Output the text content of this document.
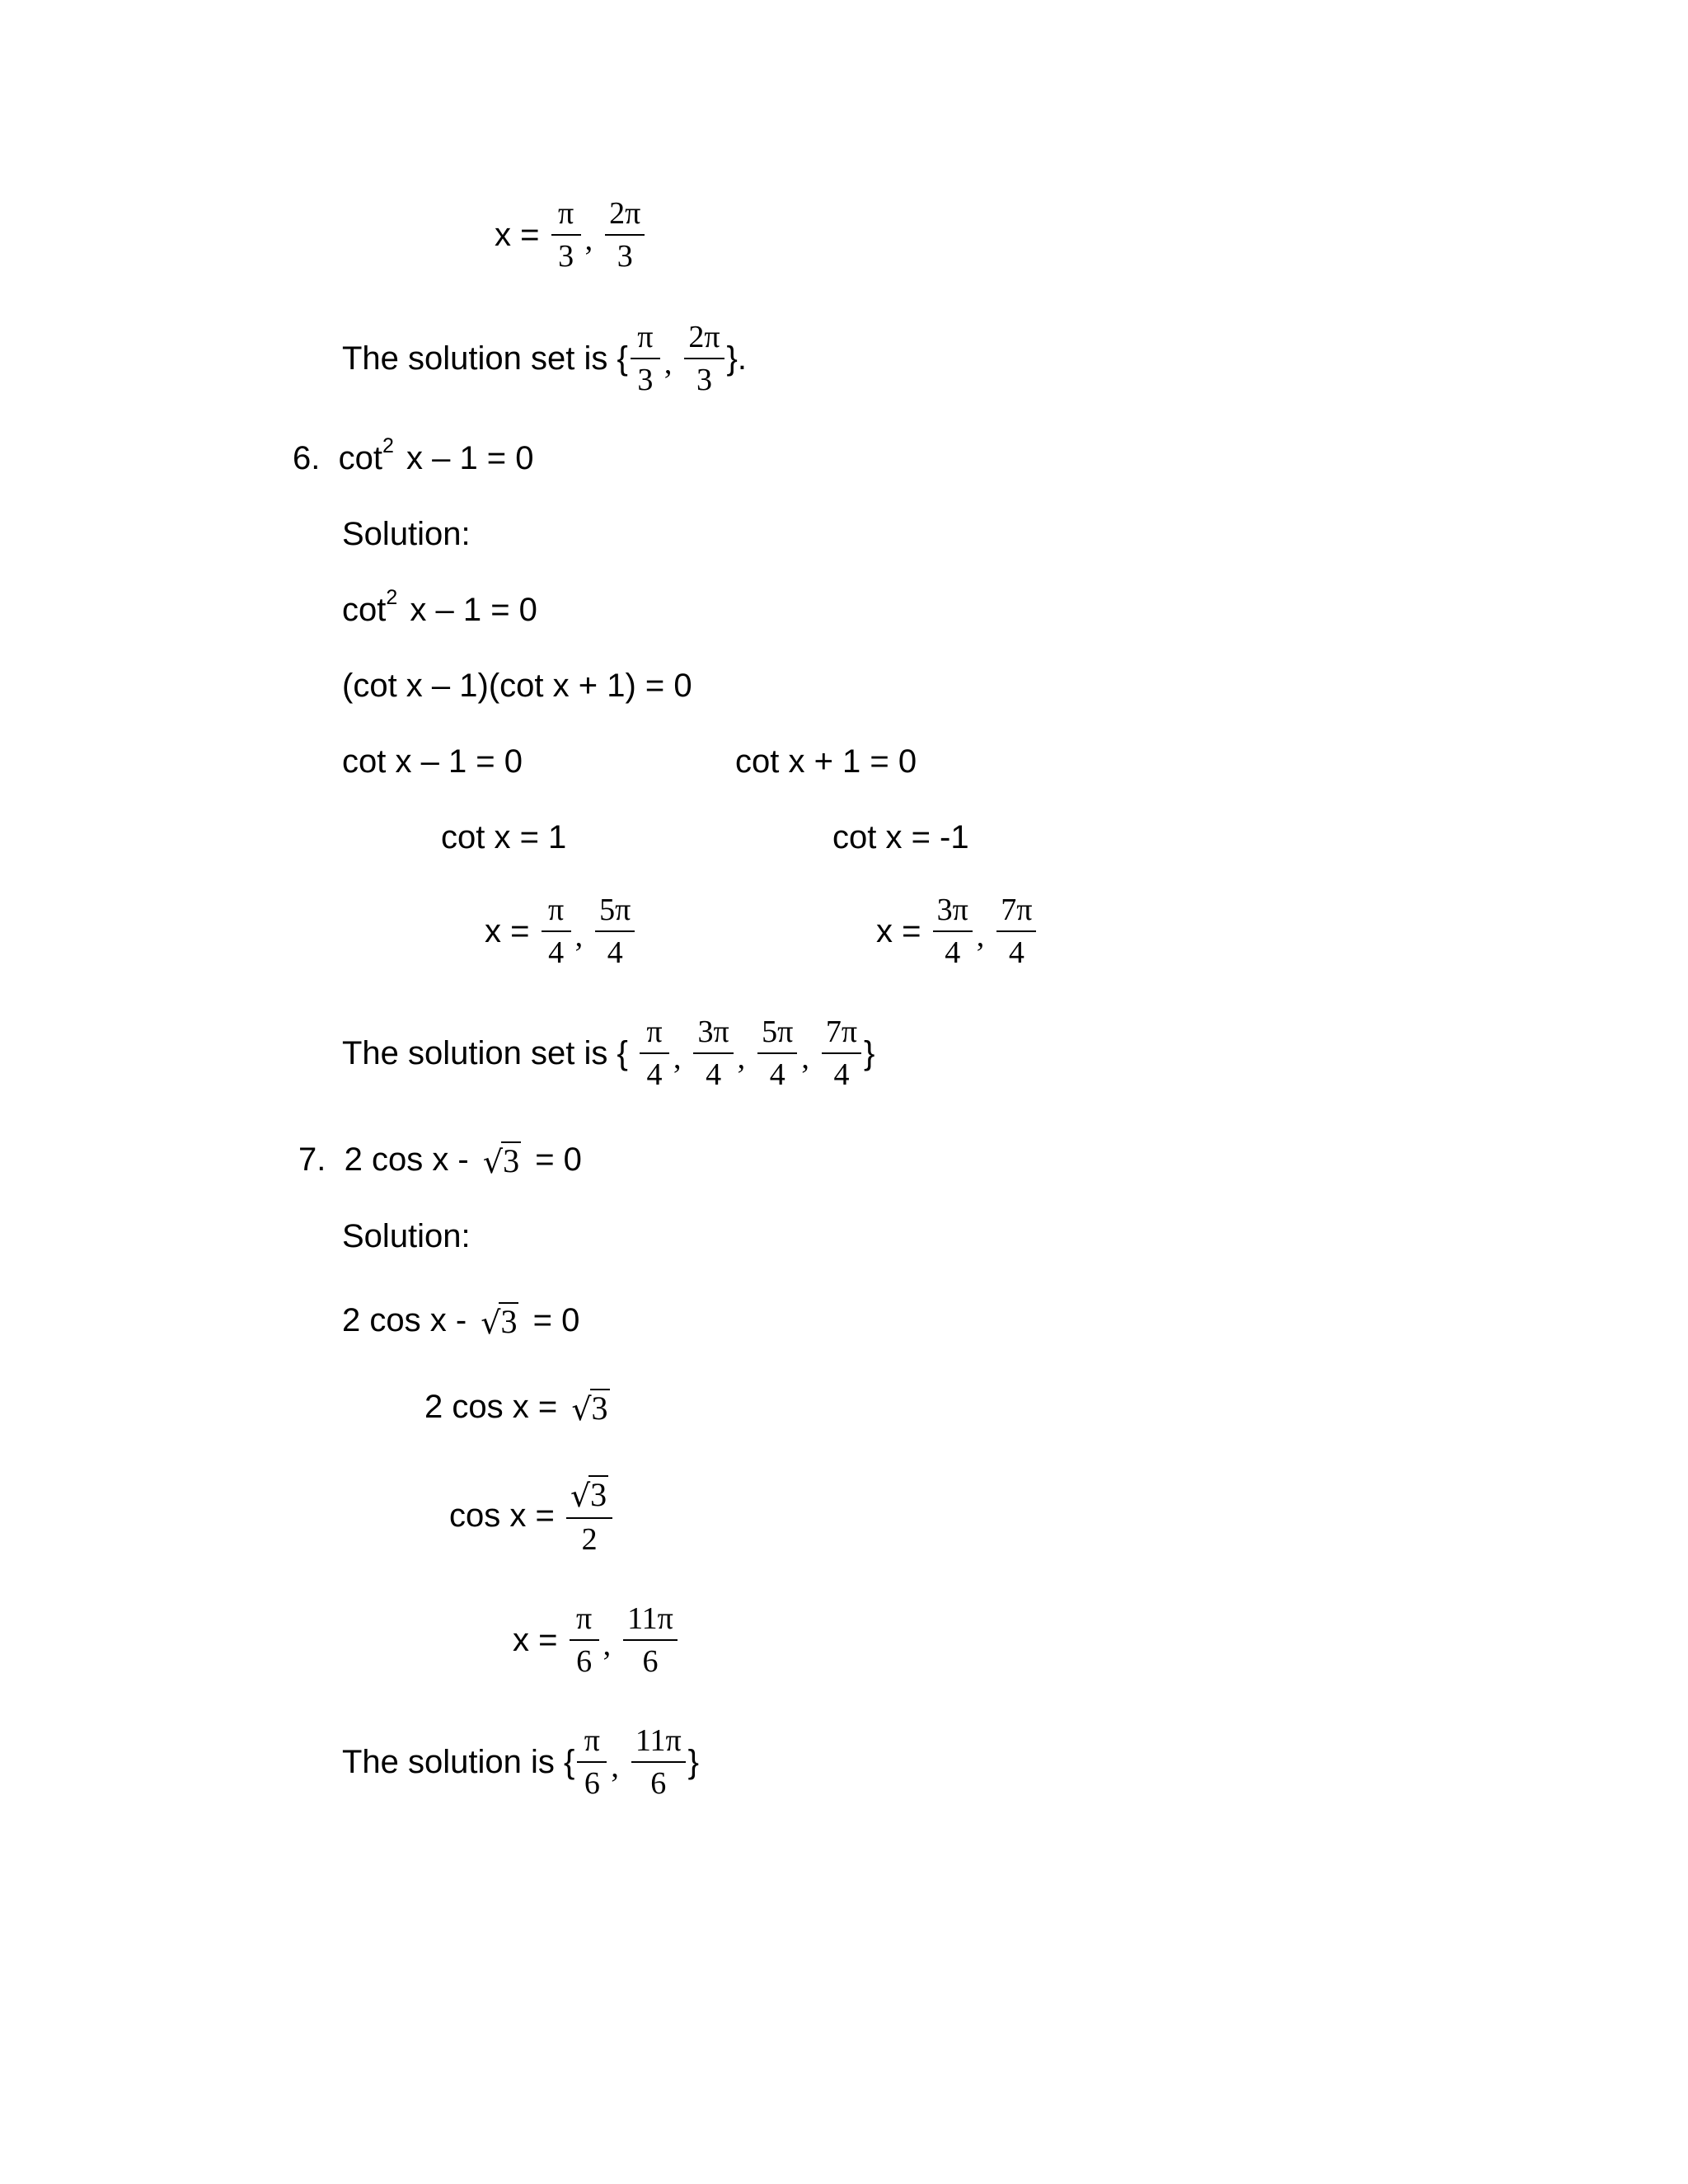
$x = \frac{\pi}{3}$ , $\frac{2\pi}{3}$
The solution set is { $\frac{\pi}{3}$ , $\frac{2\pi}{3}$ }.
6.
cot 2 x – 1 = 0
Solution:
cot 2 x – 1 = 0
(cot x – 1)(cot x + 1) = 0
cot x – 1 = 0	cot x + 1 = 0
cot x = 1	cot x = -1
$x = \frac{\pi}{4}$ , $\frac{5\pi}{4}$	$x = \frac{3\pi}{4}$ , $\frac{7\pi}{4}$
The solution set is { $\frac{\pi}{4}$ , $\frac{3\pi}{4}$ , $\frac{5\pi}{4}$ , $\frac{7\pi}{4}$ }
7.
2 cos x - √ 3 = 0
Solution:
2 cos x - √ 3 = 0
2 cos x = √ 3
$\cos x = \frac{√ 3}{2}$
$x = \frac{\pi}{6}$ , $\frac{11\pi}{6}$
The solution is { $\frac{\pi}{6}$ , $\frac{11\pi}{6}$ }
